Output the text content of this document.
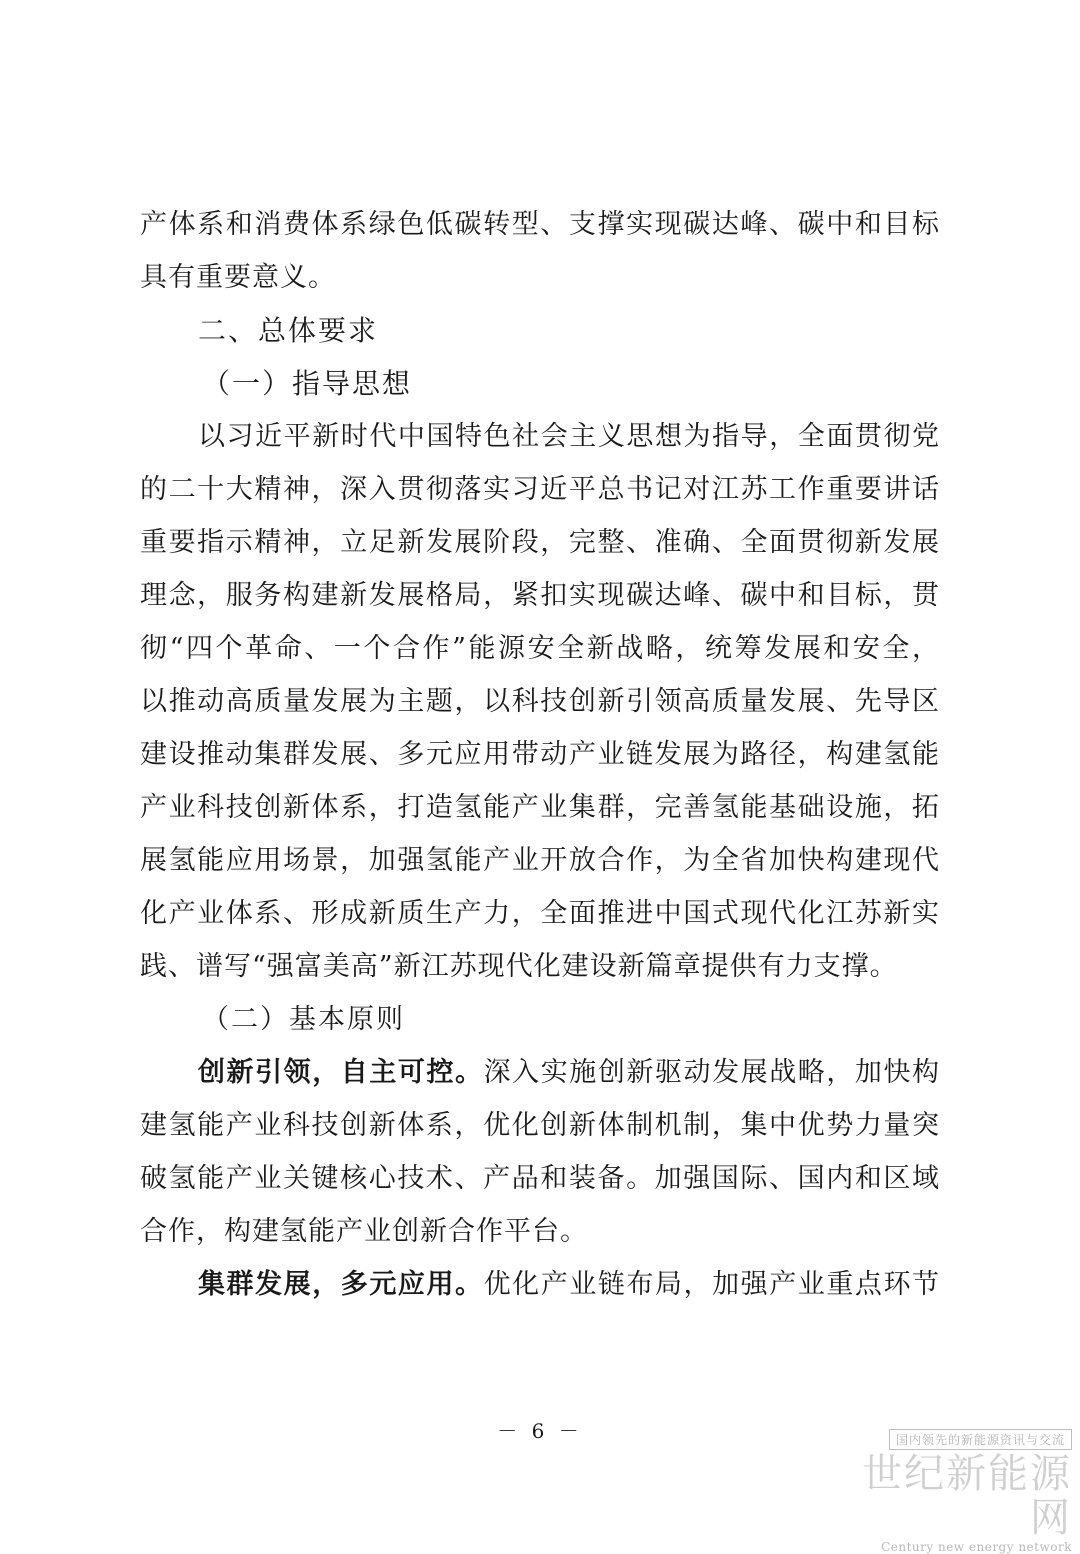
产体系和消费体系绿色低碳转型、支撑实现碳达峰、碳中和目标

具有重要意义。

二、总体要求

（一）指导思想

以习近平新时代中国特色社会主义思想为指导，全面贯彻党

的二十大精神，深入贯彻落实习近平总书记对江苏工作重要讲话

重要指示精神，立足新发展阶段，完整、准确、全面贯彻新发展

理念，服务构建新发展格局，紧扣实现碳达峰、碳中和目标，贯

彻“四个革命、一个合作”能源安全新战略，统筹发展和安全，

以推动高质量发展为主题，以科技创新引领高质量发展、先导区

建设推动集群发展、多元应用带动产业链发展为路径，构建氢能

产业科技创新体系，打造氢能产业集群，完善氢能基础设施，拓

展氢能应用场景，加强氢能产业开放合作，为全省加快构建现代

化产业体系、形成新质生产力，全面推进中国式现代化江苏新实

践、谱写“强富美高”新江苏现代化建设新篇章提供有力支撑。

（二）基本原则

创新引领，自主可控。深入实施创新驱动发展战略，加快构

建氢能产业科技创新体系，优化创新体制机制，集中优势力量突

破氢能产业关键核心技术、产品和装备。加强国际、国内和区域

合作，构建氢能产业创新合作平台。

集群发展，多元应用。优化产业链布局，加强产业重点环节

－ 6 －	国内领先的新能源资讯与交流
世纪新能源网
Century new energy network
